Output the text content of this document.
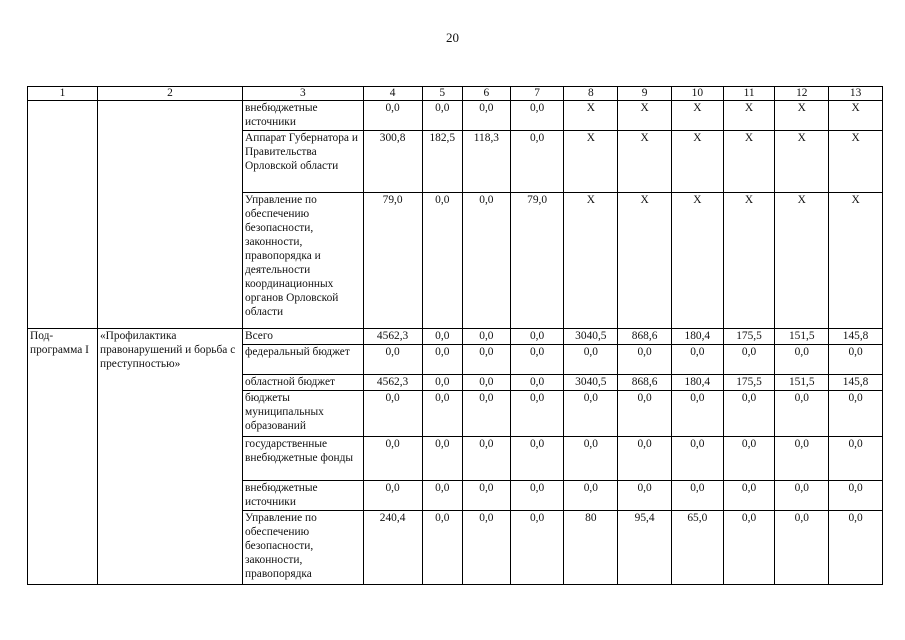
20
1	2	3	4	5	6	7	8	9	10	11	12	13
		внебюджетные источники	0,0	0,0	0,0	0,0	X	X	X	X	X	X
		Аппарат Губернатора и Правительства Орловской области	300,8	182,5	118,3	0,0	X	X	X	X	X	X
		Управление по обеспечению безопасности, законности, правопорядка и деятельности координационных органов Орловской области	79,0	0,0	0,0	79,0	X	X	X	X	X	X
Под-программа I	«Профилактика правонарушений и борьба с преступностью»	Всего	4562,3	0,0	0,0	0,0	3040,5	868,6	180,4	175,5	151,5	145,8
		федеральный бюджет	0,0	0,0	0,0	0,0	0,0	0,0	0,0	0,0	0,0	0,0
		областной бюджет	4562,3	0,0	0,0	0,0	3040,5	868,6	180,4	175,5	151,5	145,8
		бюджеты муниципальных образований	0,0	0,0	0,0	0,0	0,0	0,0	0,0	0,0	0,0	0,0
		государственные внебюджетные фонды	0,0	0,0	0,0	0,0	0,0	0,0	0,0	0,0	0,0	0,0
		внебюджетные источники	0,0	0,0	0,0	0,0	0,0	0,0	0,0	0,0	0,0	0,0
		Управление по обеспечению безопасности, законности, правопорядка	240,4	0,0	0,0	0,0	80	95,4	65,0	0,0	0,0	0,0
